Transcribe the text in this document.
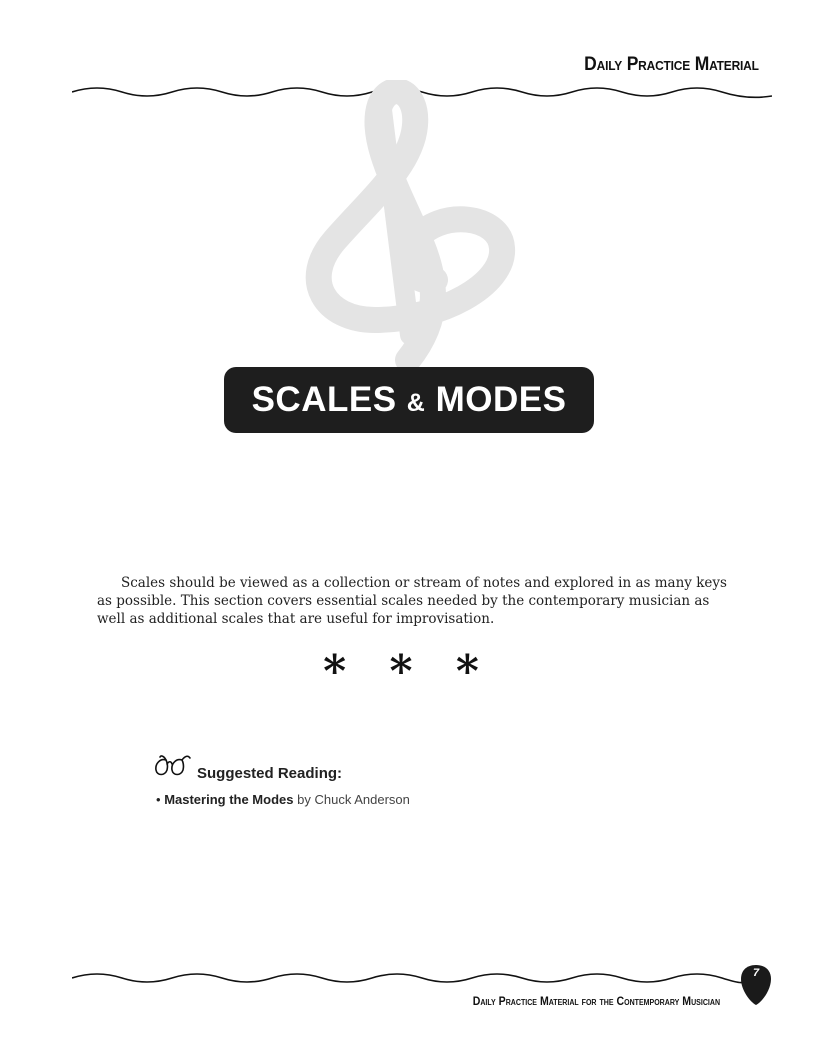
Daily Practice Material
SCALES & MODES

Scales should be viewed as a collection or stream of notes and explored in as many keys as possible. This section covers essential scales needed by the contemporary musician as well as additional scales that are useful for improvisation.

* * *
Suggested Reading:
• Mastering the Modes by Chuck Anderson
7
Daily Practice Material for the Contemporary Musician
